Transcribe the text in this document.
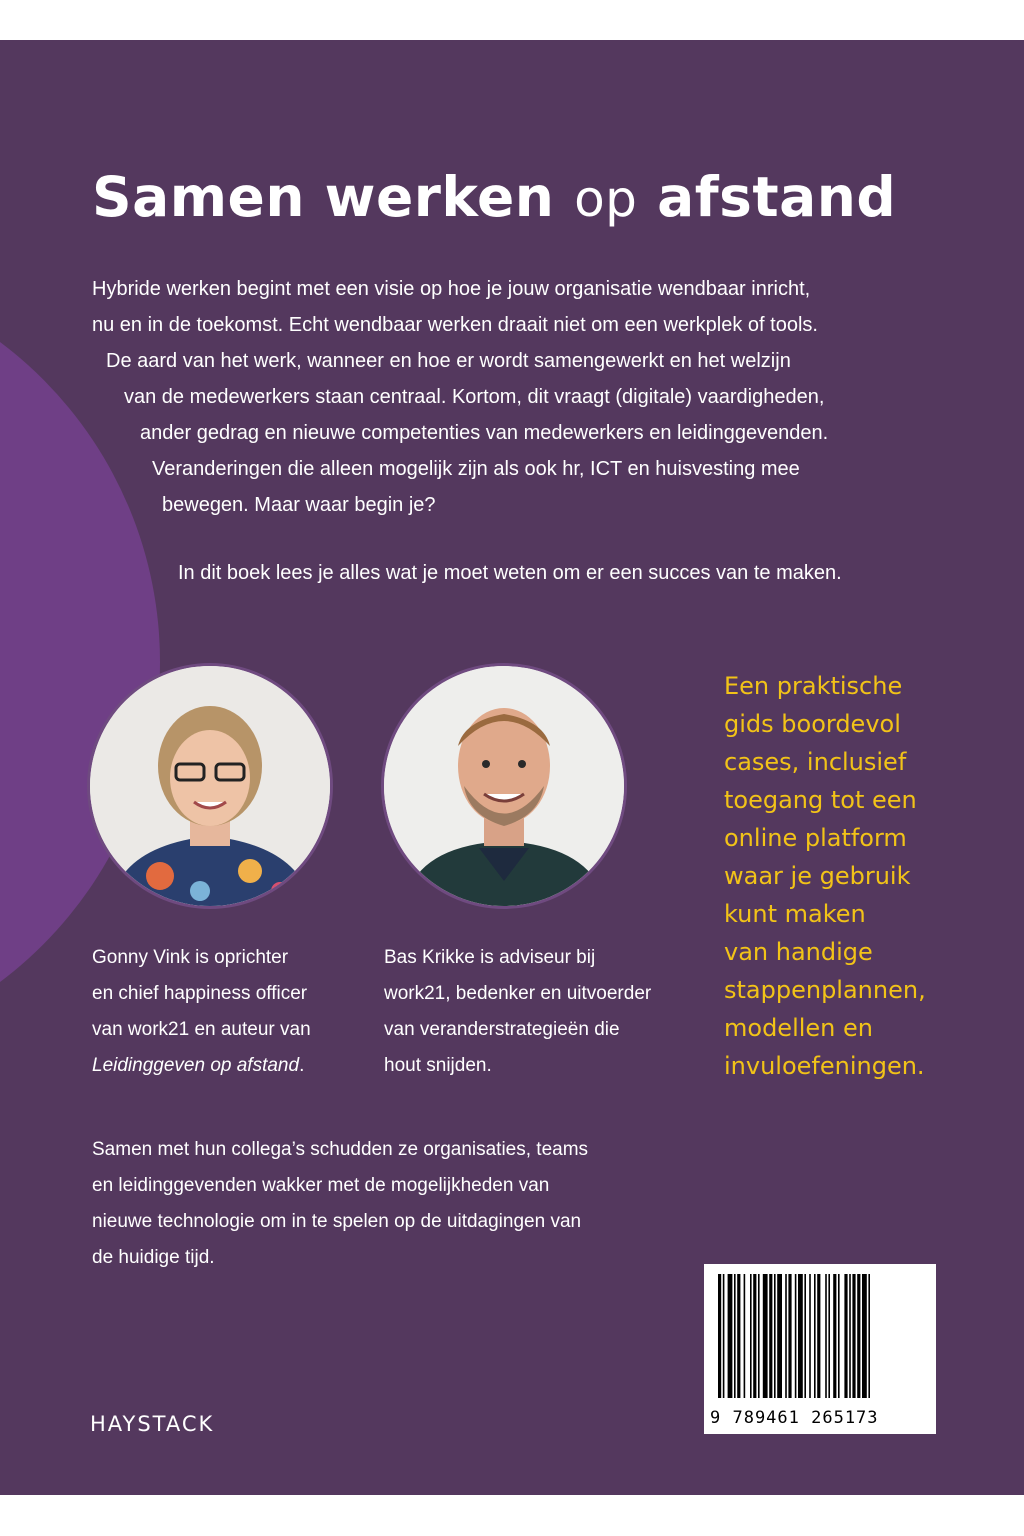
Samen werken op afstand
Hybride werken begint met een visie op hoe je jouw organisatie wendbaar inricht,
nu en in de toekomst. Echt wendbaar werken draait niet om een werkplek of tools.
De aard van het werk, wanneer en hoe er wordt samengewerkt en het welzijn
van de medewerkers staan centraal. Kortom, dit vraagt (digitale) vaardigheden,
ander gedrag en nieuwe competenties van medewerkers en leidinggevenden.
Veranderingen die alleen mogelijk zijn als ook hr, ICT en huisvesting mee
bewegen. Maar waar begin je?
In dit boek lees je alles wat je moet weten om er een succes van te maken.
Gonny Vink is oprichter
en chief happiness officer
van work21 en auteur van
Leidinggeven op afstand.
Bas Krikke is adviseur bij
work21, bedenker en uitvoerder
van veranderstrategieën die
hout snijden.
Een praktische
gids boordevol
cases, inclusief
toegang tot een
online platform
waar je gebruik
kunt maken
van handige
stappenplannen,
modellen en
invuloefeningen.
Samen met hun collega’s schudden ze organisaties, teams
en leidinggevenden wakker met de mogelijkheden van
nieuwe technologie om in te spelen op de uitdagingen van
de huidige tijd.
HAYSTACK	9 789461 265173
